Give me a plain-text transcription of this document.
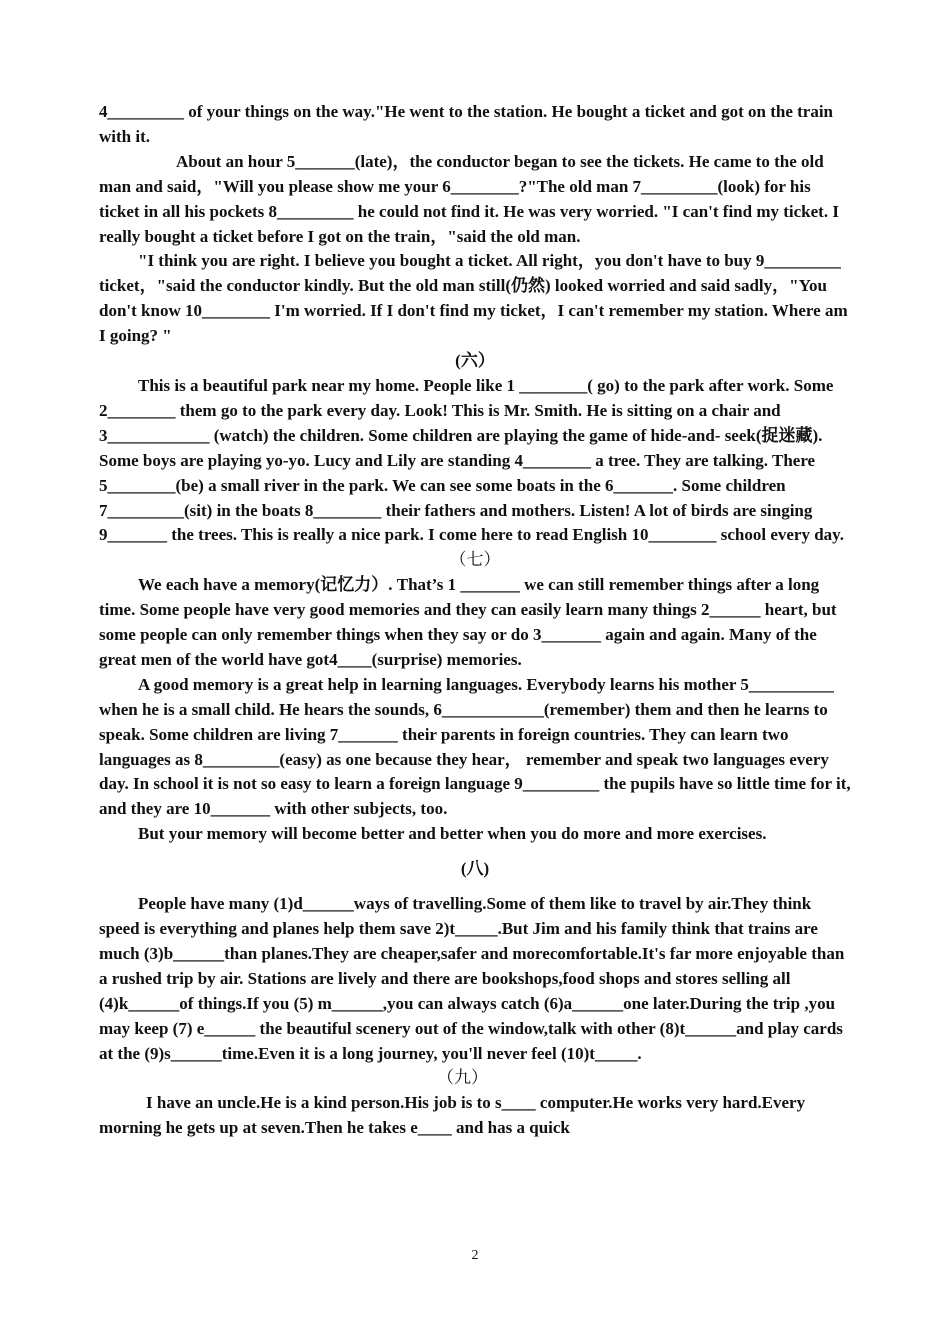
4_________ of your things on the way."He went to the station. He bought a ticket and got on the train with it.

About an hour 5_______(late)，the conductor began to see the tickets. He came to the old man and said，"Will you please show me your 6________?"The old man 7_________(look) for his ticket in all his pockets 8_________ he could not find it. He was very worried. "I can't find my ticket. I really bought a ticket before I got on the train，"said the old man.

"I think you are right. I believe you bought a ticket. All right，you don't have to buy 9_________ ticket，"said the conductor kindly. But the old man still(仍然) looked worried and said sadly，"You don't know 10________ I'm worried. If I don't find my ticket，I can't remember my station. Where am I going? "

(六）

This is a beautiful park near my home. People like 1 ________( go) to the park after work. Some 2________ them go to the park every day. Look! This is Mr. Smith. He is sitting on a chair and 3____________ (watch) the children. Some children are playing the game of hide-and- seek(捉迷藏). Some boys are playing yo-yo. Lucy and Lily are standing 4________ a tree. They are talking. There 5________(be) a small river in the park. We can see some boats in the 6_______. Some children 7_________(sit) in the boats 8________ their fathers and mothers. Listen! A lot of birds are singing 9_______ the trees. This is really a nice park. I come here to read English 10________ school every day.

（七）

We each have a memory(记忆力）. That’s 1 _______ we can still remember things after a long time. Some people have very good memories and they can easily learn many things 2______ heart, but some people can only remember things when they say or do 3_______ again and again. Many of the great men of the world have got4____(surprise) memories.

A good memory is a great help in learning languages. Everybody learns his mother 5__________ when he is a small child. He hears the sounds, 6____________(remember) them and then he learns to speak. Some children are living 7_______ their parents in foreign countries. They can learn two languages as 8_________(easy) as one because they hear， remember and speak two languages every day. In school it is not so easy to learn a foreign language 9_________ the pupils have so little time for it, and they are 10_______ with other subjects, too.

But your memory will become better and better when you do more and more exercises.

(八)

People have many (1)d______ways of travelling.Some of them like to travel by air.They think speed is everything and planes help them save 2)t_____.But Jim and his family think that trains are much (3)b______than planes.They are cheaper,safer and morecomfortable.It's far more enjoyable than a rushed trip by air. Stations are lively and there are bookshops,food shops and stores selling all (4)k______of things.If you (5) m______,you can always catch (6)a______one later.During the trip ,you may keep (7) e______ the beautiful scenery out of the window,talk with other (8)t______and play cards at the (9)s______time.Even it is a long journey, you'll never feel (10)t_____.

（九）

I have an uncle.He is a kind person.His job is to s____ computer.He works very hard.Every morning he gets up at seven.Then he takes e____ and has a quick

2
